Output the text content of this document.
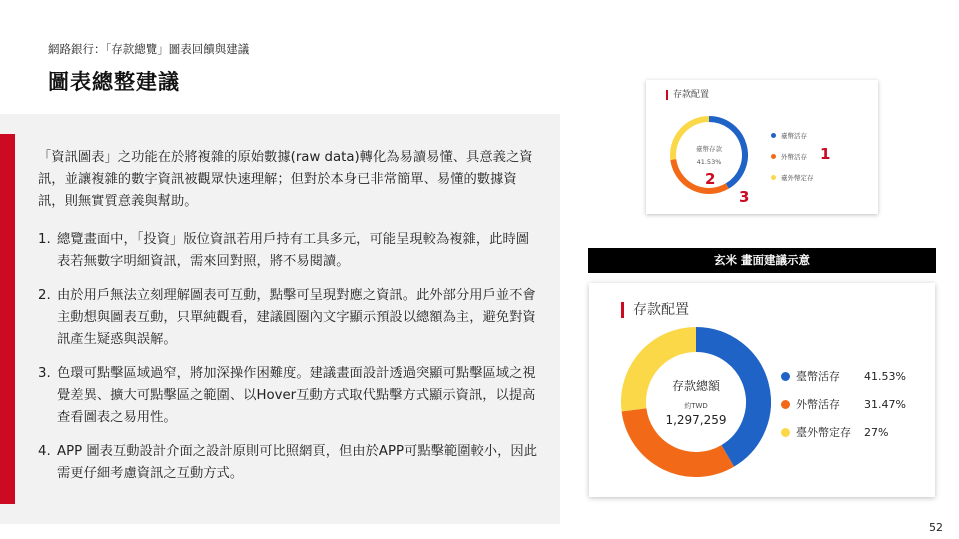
網路銀行：「存款總覽」圖表回饋與建議
圖表總整建議

「資訊圖表」之功能在於將複雜的原始數據(raw data)轉化為易讀易懂、具意義之資訊，並讓複雜的數字資訊被觀眾快速理解；但對於本身已非常簡單、易懂的數據資訊，則無實質意義與幫助。

1. 總覽畫面中，「投資」版位資訊若用戶持有工具多元，可能呈現較為複雜，此時圖表若無數字明細資訊，需來回對照，將不易閱讀。
2. 由於用戶無法立刻理解圖表可互動，點擊可呈現對應之資訊。此外部分用戶並不會主動想與圖表互動，只單純觀看，建議圓圈內文字顯示預設以總額為主，避免對資訊產生疑惑與誤解。
3. 色環可點擊區域過窄，將加深操作困難度。建議畫面設計透過突顯可點擊區域之視覺差異、擴大可點擊區之範圍、以Hover互動方式取代點擊方式顯示資訊，以提高查看圖表之易用性。
4. APP 圖表互動設計介面之設計原則可比照網頁，但由於APP可點擊範圍較小，因此需更仔細考慮資訊之互動方式。
存款配置
臺幣存款
41.53%
臺幣活存
外幣活存
臺外幣定存
1
2
3
玄米 畫面建議示意
存款配置
存款總額
約TWD
1,297,259
臺幣活存	41.53%
外幣活存	31.47%
臺外幣定存	27%
52
